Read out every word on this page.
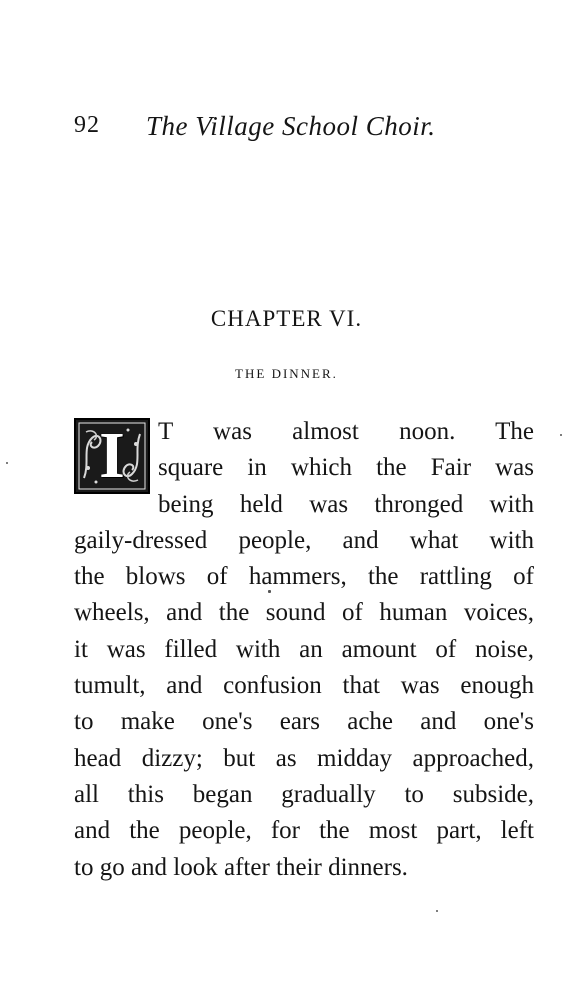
92 The Village School Choir.
CHAPTER VI.
THE DINNER.
I	T was almost noon. The
square in which the Fair was
being held was thronged with
gaily-dressed people, and what with
the blows of hammers, the rattling of
wheels, and the sound of human voices,
it was filled with an amount of noise,
tumult, and confusion that was enough
to make one's ears ache and one's
head dizzy; but as midday approached,
all this began gradually to subside,
and the people, for the most part, left
to go and look after their dinners.
